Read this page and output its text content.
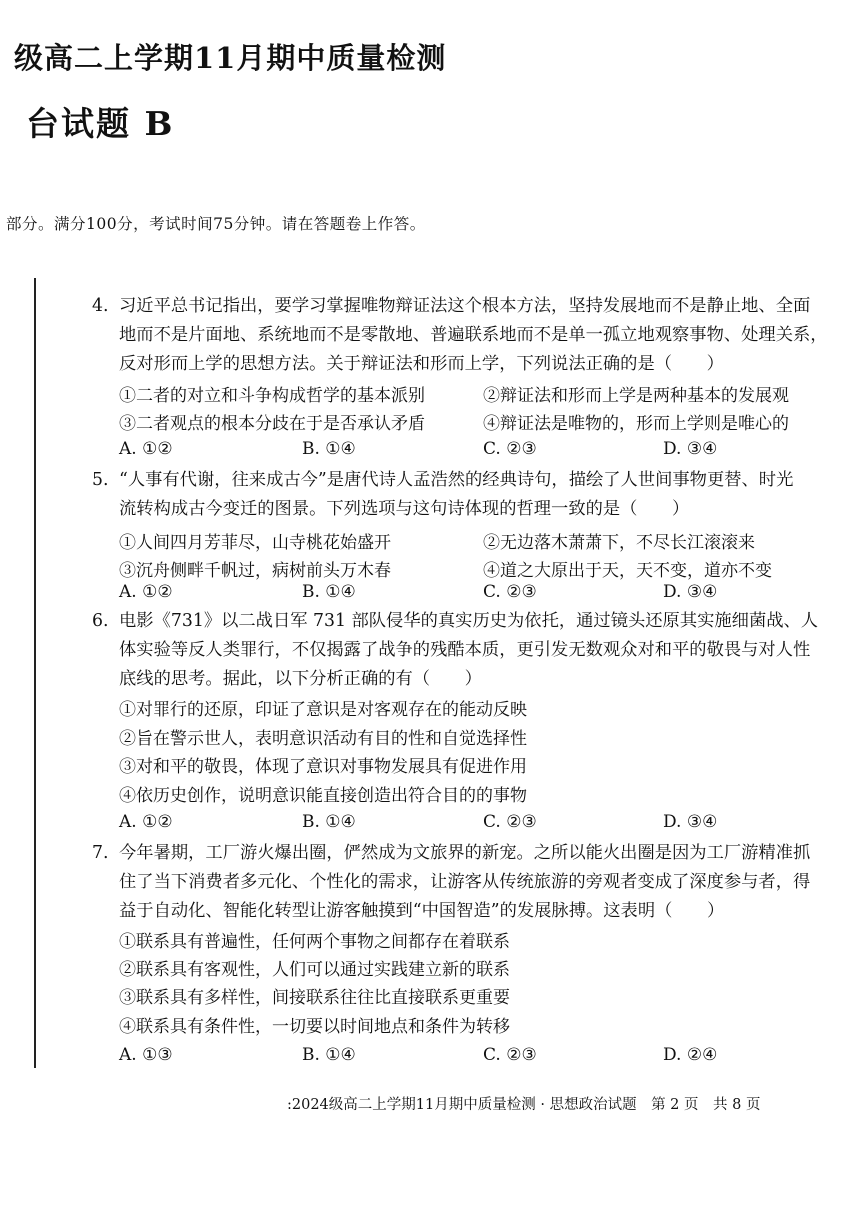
级高二上学期11月期中质量检测
台试题 B
部分。满分100分，考试时间75分钟。请在答题卷上作答。
4. 习近平总书记指出，要学习掌握唯物辩证法这个根本方法，坚持发展地而不是静止地、全面
地而不是片面地、系统地而不是零散地、普遍联系地而不是单一孤立地观察事物、处理关系，
反对形而上学的思想方法。关于辩证法和形而上学，下列说法正确的是（　　）
①二者的对立和斗争构成哲学的基本派别	②辩证法和形而上学是两种基本的发展观
③二者观点的根本分歧在于是否承认矛盾	④辩证法是唯物的，形而上学则是唯心的
A. ①②	B. ①④	C. ②③	D. ③④
5. “人事有代谢，往来成古今”是唐代诗人孟浩然的经典诗句，描绘了人世间事物更替、时光
流转构成古今变迁的图景。下列选项与这句诗体现的哲理一致的是（　　）
①人间四月芳菲尽，山寺桃花始盛开	②无边落木萧萧下，不尽长江滚滚来
③沉舟侧畔千帆过，病树前头万木春	④道之大原出于天，天不变，道亦不变
A. ①②	B. ①④	C. ②③	D. ③④
6. 电影《731》以二战日军 731 部队侵华的真实历史为依托，通过镜头还原其实施细菌战、人
体实验等反人类罪行，不仅揭露了战争的残酷本质，更引发无数观众对和平的敬畏与对人性
底线的思考。据此，以下分析正确的有（　　）
①对罪行的还原，印证了意识是对客观存在的能动反映
②旨在警示世人，表明意识活动有目的性和自觉选择性
③对和平的敬畏，体现了意识对事物发展具有促进作用
④依历史创作，说明意识能直接创造出符合目的的事物
A. ①②	B. ①④	C. ②③	D. ③④
7. 今年暑期，工厂游火爆出圈，俨然成为文旅界的新宠。之所以能火出圈是因为工厂游精准抓
住了当下消费者多元化、个性化的需求，让游客从传统旅游的旁观者变成了深度参与者，得
益于自动化、智能化转型让游客触摸到“中国智造”的发展脉搏。这表明（　　）
①联系具有普遍性，任何两个事物之间都存在着联系
②联系具有客观性，人们可以通过实践建立新的联系
③联系具有多样性，间接联系往往比直接联系更重要
④联系具有条件性，一切要以时间地点和条件为转移
A. ①③	B. ①④	C. ②③	D. ②④
:2024级高二上学期11月期中质量检测 · 思想政治试题　第 2 页　共 8 页
